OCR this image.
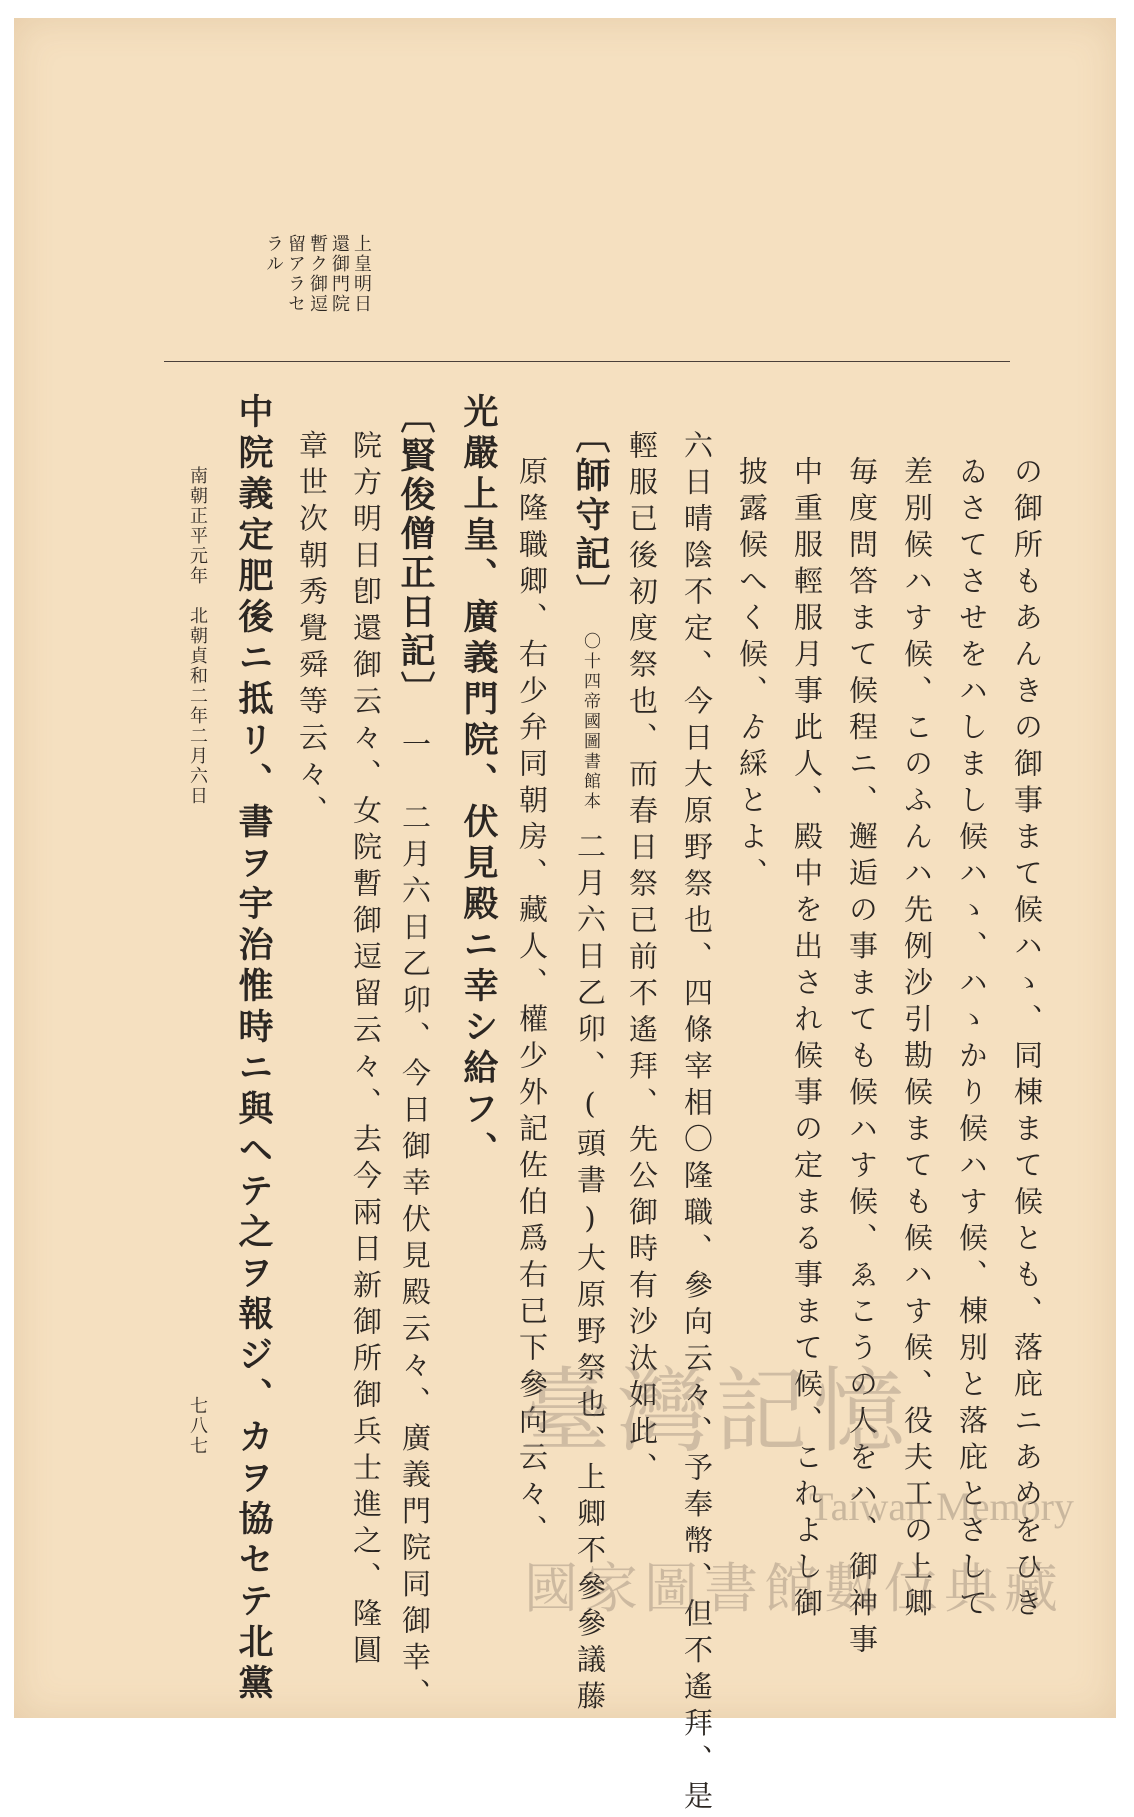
上皇明日
還御門院
暫ク御逗
留アラセ
ラル
の御所もあんきの御事まて候ハゝ、同棟まて候とも、落庇ニあめをひき
ゐさてさせをハしまし候ハゝ、ハゝかり候ハす候、棟別と落庇とさして
差別候ハす候、このふんハ先例沙引勘候まても候ハす候、役夫工の上卿
毎度問答まて候程ニ、邂逅の事まても候ハす候、ゑこうの人をハ、御神事
中重服輕服月事此人、殿中を出され候事の定まる事まて候、これよし御
披露候へく候、ゟ綵とよ、
六日晴陰不定、今日大原野祭也、四條宰相〇隆職、參向云々、予奉幣、但不遙拜、是
輕服已後初度祭也、而春日祭已前不遙拜、先公御時有沙汰如此、
〔師守記〕 〇十四帝國圖書館本 二月六日乙卯、(頭書)大原野祭也、上卿不參參議藤
原隆職卿、右少弁同朝房、藏人、權少外記佐伯爲右已下參向云々、
光嚴上皇、廣義門院、伏見殿ニ幸シ給フ、
〔賢俊僧正日記〕 一　二月六日乙卯、今日御幸伏見殿云々、廣義門院同御幸、
院方明日卽還御云々、女院暫御逗留云々、去今兩日新御所御兵士進之、隆圓
章世次朝秀覺舜等云々、
中院義定肥後ニ抵リ、書ヲ宇治惟時ニ與ヘテ之ヲ報ジ、カヲ協セテ北黨
南朝正平元年　北朝貞和二年二月六日
七八七	臺灣記憶
Taiwan Memory
國家圖書館數位典藏
